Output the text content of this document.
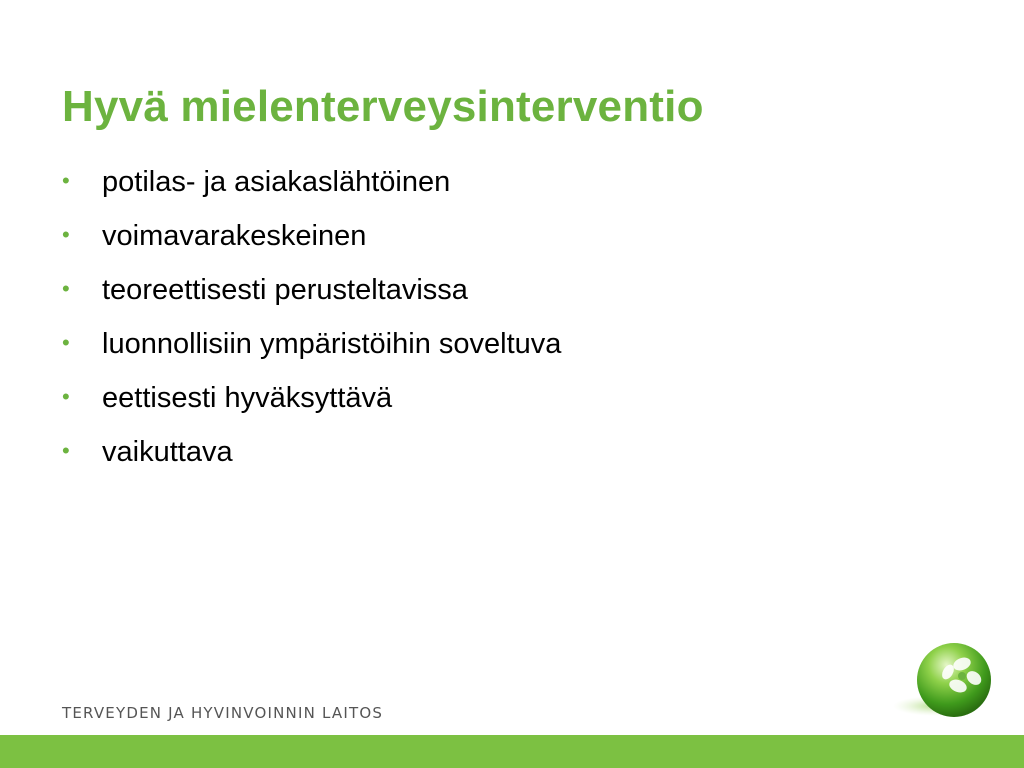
Hyvä mielenterveysinterventio
•	potilas- ja asiakaslähtöinen
•	voimavarakeskeinen
•	teoreettisesti perusteltavissa
•	luonnollisiin ympäristöihin soveltuva
•	eettisesti hyväksyttävä
•	vaikuttava
TERVEYDEN JA HYVINVOINNIN LAITOS
